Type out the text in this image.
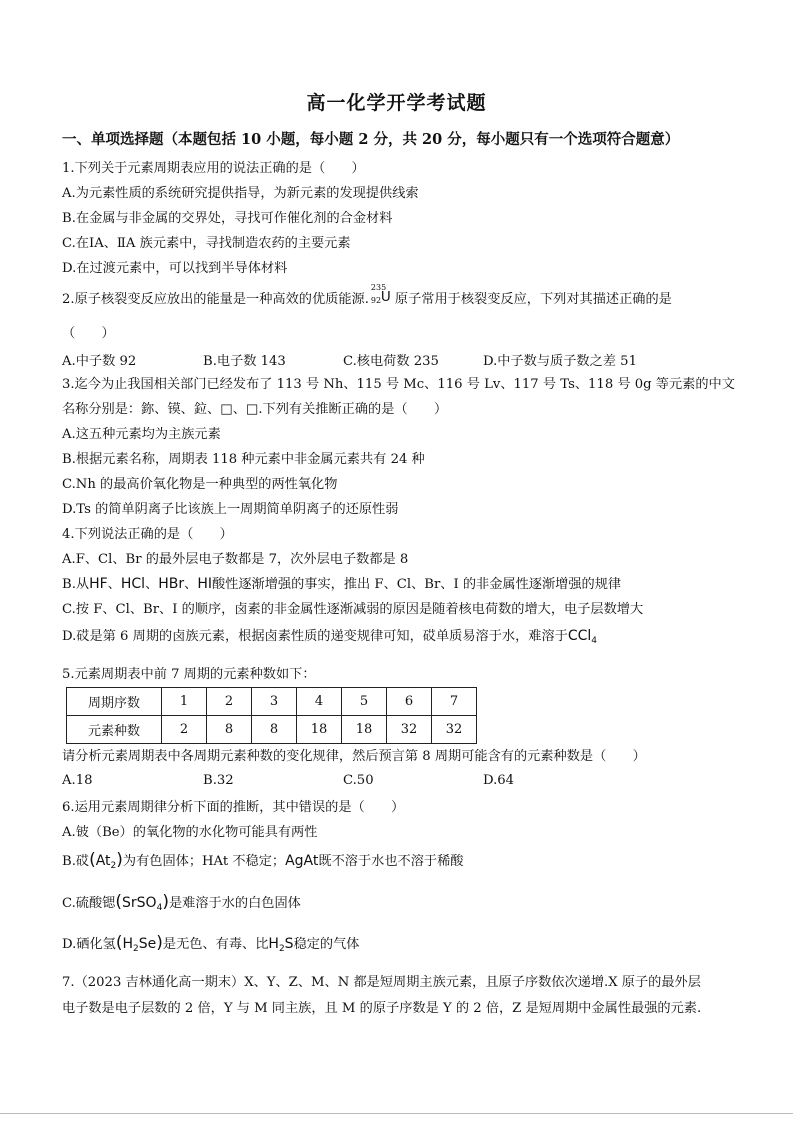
高一化学开学考试题
一、单项选择题（本题包括 10 小题，每小题 2 分，共 20 分，每小题只有一个选项符合题意）
1.下列关于元素周期表应用的说法正确的是（　　）
A.为元素性质的系统研究提供指导，为新元素的发现提供线索
B.在金属与非金属的交界处，寻找可作催化剂的合金材料
C.在ⅠA、ⅡA 族元素中，寻找制造农药的主要元素
D.在过渡元素中，可以找到半导体材料
2.原子核裂变反应放出的能量是一种高效的优质能源.
235
92 U 原子常用于核裂变反应，下列对其描述正确的是
（　　）
A.中子数 92	B.电子数 143	C.核电荷数 235	D.中子数与质子数之差 51
3.迄今为止我国相关部门已经发布了 113 号 Nh、115 号 Mc、116 号 Lv、117 号 Ts、118 号 0g 等元素的中文
名称分别是：鉨、镆、鉝、□、□.下列有关推断正确的是（　　）
A.这五种元素均为主族元素
B.根据元素名称，周期表 118 种元素中非金属元素共有 24 种
C.Nh 的最高价氧化物是一种典型的两性氧化物
D.Ts 的简单阴离子比该族上一周期简单阴离子的还原性弱
4.下列说法正确的是（　　）
A.F、Cl、Br 的最外层电子数都是 7，次外层电子数都是 8
B.从HF、HCl、HBr、HI酸性逐渐增强的事实，推出 F、Cl、Br、I 的非金属性逐渐增强的规律
C.按 F、Cl、Br、I 的顺序，卤素的非金属性逐渐减弱的原因是随着核电荷数的增大，电子层数增大
D.砹是第 6 周期的卤族元素，根据卤素性质的递变规律可知，砹单质易溶于水，难溶于CCl$_4$
5.元素周期表中前 7 周期的元素种数如下：
周期序数	1	2	3	4	5	6	7
元素种数	2	8	8	18	18	32	32
请分析元素周期表中各周期元素种数的变化规律，然后预言第 8 周期可能含有的元素种数是（　　）
A.18	B.32	C.50	D.64
6.运用元素周期律分析下面的推断，其中错误的是（　　）
A.铍（Be）的氧化物的水化物可能具有两性
B.砹$(At_2)$为有色固体；HAt 不稳定；AgAt既不溶于水也不溶于稀酸
C.硫酸锶(SrSO$_4$)是难溶于水的白色固体
D.硒化氢$(H_2Se)$是无色、有毒、比$H_2S$稳定的气体
7.（2023 吉林通化高一期末）X、Y、Z、M、N 都是短周期主族元素，且原子序数依次递增.X 原子的最外层
电子数是电子层数的 2 倍，Y 与 M 同主族，且 M 的原子序数是 Y 的 2 倍，Z 是短周期中金属性最强的元素.
